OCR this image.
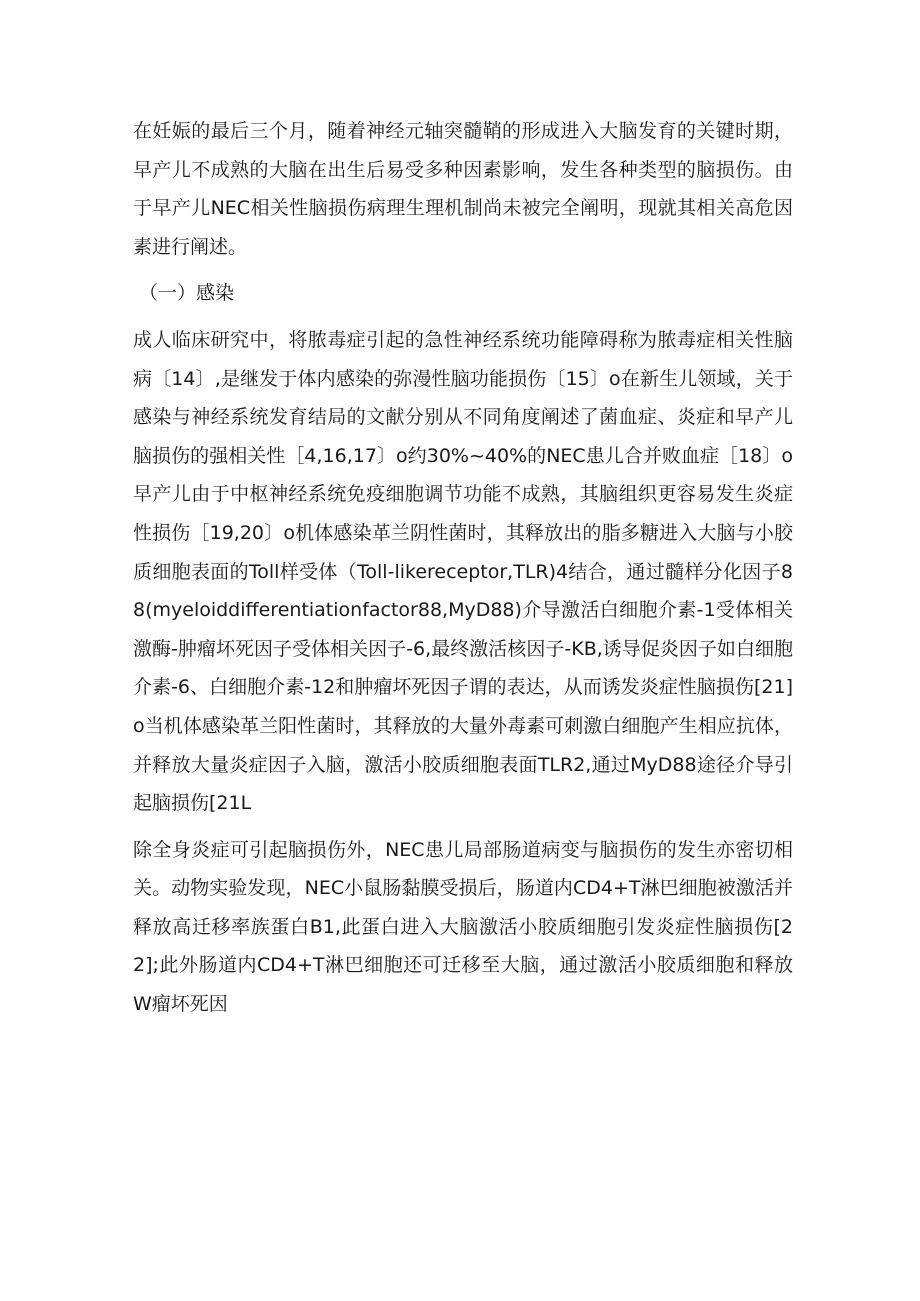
在妊娠的最后三个月，随着神经元轴突髓鞘的形成进入大脑发育的关键时期，早产儿不成熟的大脑在出生后易受多种因素影响，发生各种类型的脑损伤。由于早产儿NEC相关性脑损伤病理生理机制尚未被完全阐明，现就其相关高危因素进行阐述。

（一）感染

成人临床研究中，将脓毒症引起的急性神经系统功能障碍称为脓毒症相关性脑病〔14〕,是继发于体内感染的弥漫性脑功能损伤〔15〕o在新生儿领域，关于感染与神经系统发育结局的文献分别从不同角度阐述了菌血症、炎症和早产儿脑损伤的强相关性［4,16,17〕o约30%~40%的NEC患儿合并败血症［18〕o早产儿由于中枢神经系统免疫细胞调节功能不成熟，其脑组织更容易发生炎症性损伤［19,20〕o机体感染革兰阴性菌时，其释放出的脂多糖进入大脑与小胶质细胞表面的Toll样受体（Toll-likereceptor,TLR)4结合，通过髓样分化因子88(myeloiddifferentiationfactor88,MyD88)介导激活白细胞介素-1受体相关激酶-肿瘤坏死因子受体相关因子-6,最终激活核因子-KB,诱导促炎因子如白细胞介素-6、白细胞介素-12和肿瘤坏死因子谓的表达，从而诱发炎症性脑损伤[21]o当机体感染革兰阳性菌时，其释放的大量外毒素可刺激白细胞产生相应抗体，并释放大量炎症因子入脑，激活小胶质细胞表面TLR2,通过MyD88途径介导引起脑损伤[21L

除全身炎症可引起脑损伤外，NEC患儿局部肠道病变与脑损伤的发生亦密切相关。动物实验发现，NEC小鼠肠黏膜受损后，肠道内CD4+T淋巴细胞被激活并释放高迁移率族蛋白B1,此蛋白进入大脑激活小胶质细胞引发炎症性脑损伤[22];此外肠道内CD4+T淋巴细胞还可迁移至大脑，通过激活小胶质细胞和释放W瘤坏死因
